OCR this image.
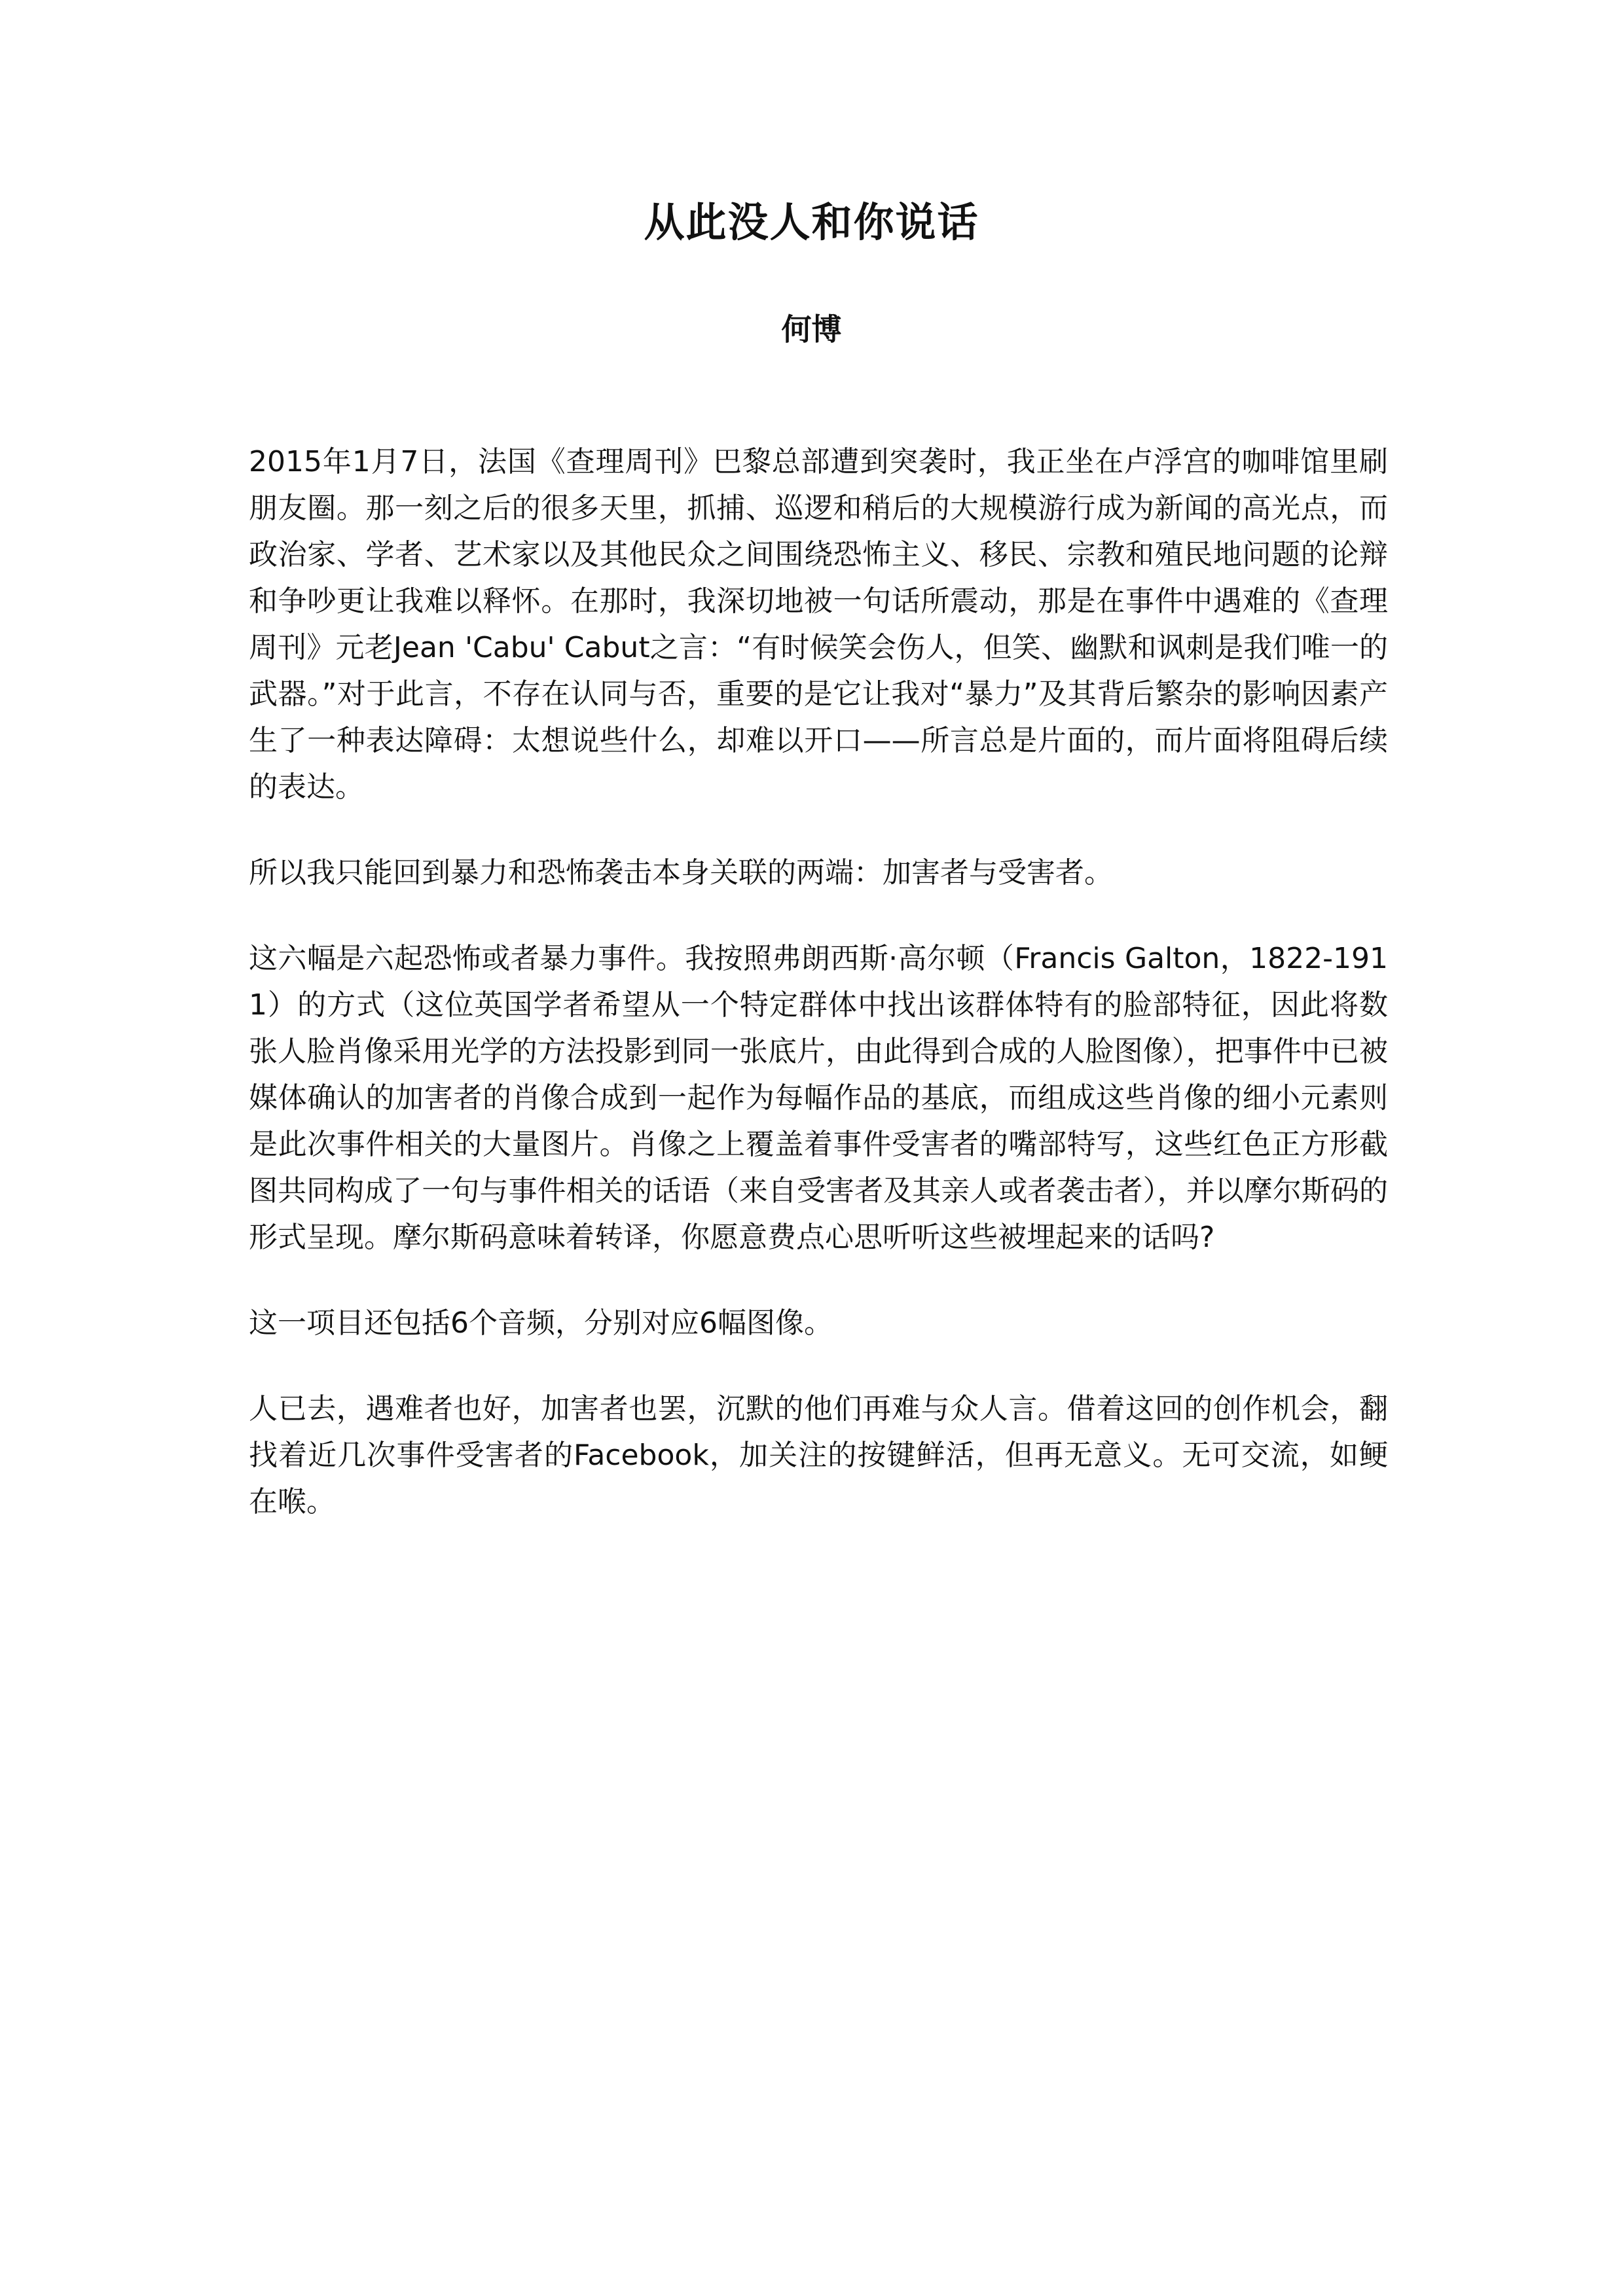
从此没人和你说话
何博

2015年1月7日，法国《查理周刊》巴黎总部遭到突袭时，我正坐在卢浮宫的咖啡馆里刷朋友圈。那一刻之后的很多天里，抓捕、巡逻和稍后的大规模游行成为新闻的高光点，而政治家、学者、艺术家以及其他民众之间围绕恐怖主义、移民、宗教和殖民地问题的论辩和争吵更让我难以释怀。在那时，我深切地被一句话所震动，那是在事件中遇难的《查理周刊》元老Jean 'Cabu' Cabut之言：“有时候笑会伤人，但笑、幽默和讽刺是我们唯一的武器。”对于此言，不存在认同与否，重要的是它让我对“暴力”及其背后繁杂的影响因素产生了一种表达障碍：太想说些什么，却难以开口——所言总是片面的，而片面将阻碍后续的表达。

所以我只能回到暴力和恐怖袭击本身关联的两端：加害者与受害者。

这六幅是六起恐怖或者暴力事件。我按照弗朗西斯·高尔顿（Francis Galton，1822-1911）的方式（这位英国学者希望从一个特定群体中找出该群体特有的脸部特征，因此将数张人脸肖像采用光学的方法投影到同一张底片，由此得到合成的人脸图像），把事件中已被媒体确认的加害者的肖像合成到一起作为每幅作品的基底，而组成这些肖像的细小元素则是此次事件相关的大量图片。肖像之上覆盖着事件受害者的嘴部特写，这些红色正方形截图共同构成了一句与事件相关的话语（来自受害者及其亲人或者袭击者），并以摩尔斯码的形式呈现。摩尔斯码意味着转译，你愿意费点心思听听这些被埋起来的话吗?

这一项目还包括6个音频，分别对应6幅图像。

人已去，遇难者也好，加害者也罢，沉默的他们再难与众人言。借着这回的创作机会，翻找着近几次事件受害者的Facebook，加关注的按键鲜活，但再无意义。无可交流，如鲠在喉。
